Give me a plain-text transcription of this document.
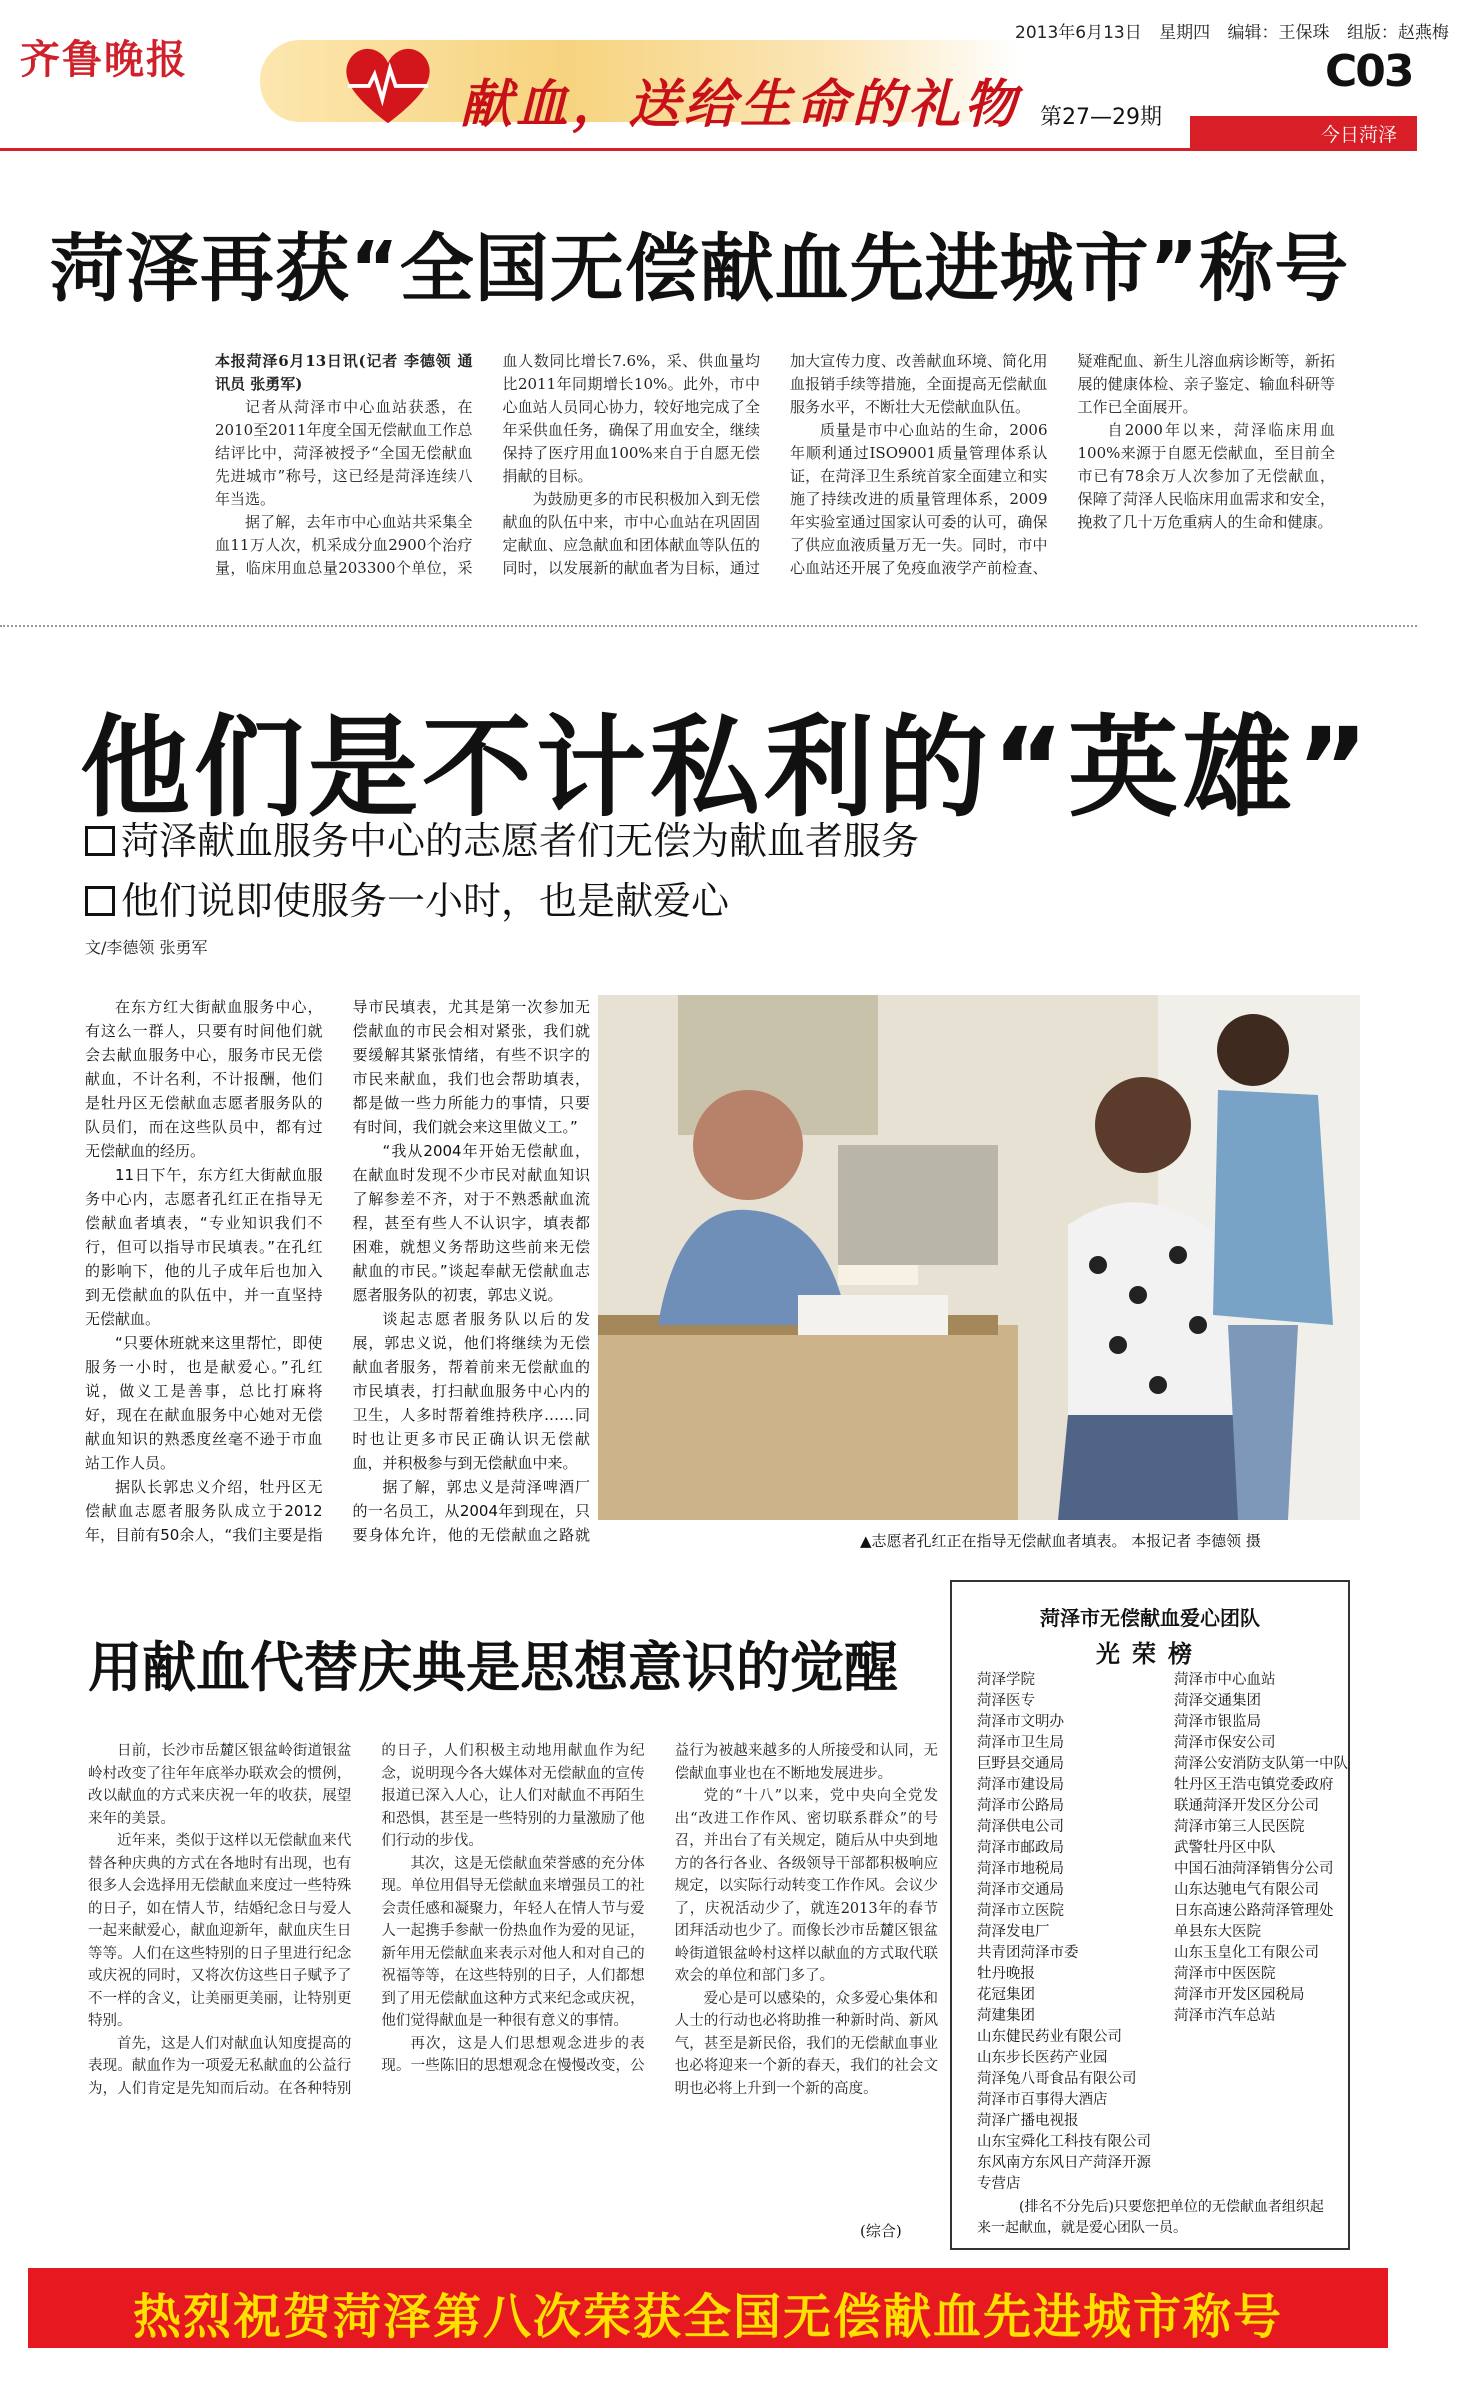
齐鲁晚报
献血，送给生命的礼物
2013年6月13日 星期四 编辑：王保珠 组版：赵燕梅
C03
第27—29期
今日菏泽
菏泽再获“全国无偿献血先进城市”称号

本报菏泽6月13日讯(记者 李德领 通讯员 张勇军)

记者从菏泽市中心血站获悉，在2010至2011年度全国无偿献血工作总结评比中，菏泽被授予“全国无偿献血先进城市”称号，这已经是菏泽连续八年当选。

据了解，去年市中心血站共采集全血11万人次，机采成分血2900个治疗量，临床用血总量203300个单位，采血人数同比增长7.6%，采、供血量均比2011年同期增长10%。此外，市中心血站人员同心协力，较好地完成了全年采供血任务，确保了用血安全，继续保持了医疗用血100%来自于自愿无偿捐献的目标。

为鼓励更多的市民积极加入到无偿献血的队伍中来，市中心血站在巩固固定献血、应急献血和团体献血等队伍的同时，以发展新的献血者为目标，通过加大宣传力度、改善献血环境、简化用血报销手续等措施，全面提高无偿献血服务水平，不断壮大无偿献血队伍。

质量是市中心血站的生命，2006年顺利通过ISO9001质量管理体系认证，在菏泽卫生系统首家全面建立和实施了持续改进的质量管理体系，2009年实验室通过国家认可委的认可，确保了供应血液质量万无一失。同时，市中心血站还开展了免疫血液学产前检查、疑难配血、新生儿溶血病诊断等，新拓展的健康体检、亲子鉴定、输血科研等工作已全面展开。

自2000年以来，菏泽临床用血100%来源于自愿无偿献血，至目前全市已有78余万人次参加了无偿献血，保障了菏泽人民临床用血需求和安全，挽救了几十万危重病人的生命和健康。

他们是不计私利的“英雄”
菏泽献血服务中心的志愿者们无偿为献血者服务
他们说即使服务一小时，也是献爱心
文/李德领 张勇军

在东方红大街献血服务中心，有这么一群人，只要有时间他们就会去献血服务中心，服务市民无偿献血，不计名利，不计报酬，他们是牡丹区无偿献血志愿者服务队的队员们，而在这些队员中，都有过无偿献血的经历。

11日下午，东方红大街献血服务中心内，志愿者孔红正在指导无偿献血者填表，“专业知识我们不行，但可以指导市民填表。”在孔红的影响下，他的儿子成年后也加入到无偿献血的队伍中，并一直坚持无偿献血。

“只要休班就来这里帮忙，即使服务一小时，也是献爱心。”孔红说，做义工是善事，总比打麻将好，现在在献血服务中心她对无偿献血知识的熟悉度丝毫不逊于市血站工作人员。

据队长郭忠义介绍，牡丹区无偿献血志愿者服务队成立于2012年，目前有50余人，“我们主要是指导市民填表，尤其是第一次参加无偿献血的市民会相对紧张，我们就要缓解其紧张情绪，有些不识字的市民来献血，我们也会帮助填表，都是做一些力所能力的事情，只要有时间，我们就会来这里做义工。”

“我从2004年开始无偿献血，在献血时发现不少市民对献血知识了解参差不齐，对于不熟悉献血流程，甚至有些人不认识字，填表都困难，就想义务帮助这些前来无偿献血的市民。”谈起奉献无偿献血志愿者服务队的初衷，郭忠义说。

谈起志愿者服务队以后的发展，郭忠义说，他们将继续为无偿献血者服务，帮着前来无偿献血的市民填表，打扫献血服务中心内的卫生，人多时帮着维持秩序……同时也让更多市民正确认识无偿献血，并积极参与到无偿献血中来。

据了解，郭忠义是菏泽啤酒厂的一名员工，从2004年到现在，只要身体允许，他的无偿献血之路就	▲志愿者孔红正在指导无偿献血者填表。 本报记者 李德领 摄
用献血代替庆典是思想意识的觉醒

日前，长沙市岳麓区银盆岭街道银盆岭村改变了往年年底举办联欢会的惯例，改以献血的方式来庆祝一年的收获，展望来年的美景。

近年来，类似于这样以无偿献血来代替各种庆典的方式在各地时有出现，也有很多人会选择用无偿献血来度过一些特殊的日子，如在情人节，结婚纪念日与爱人一起来献爱心，献血迎新年，献血庆生日等等。人们在这些特别的日子里进行纪念或庆祝的同时，又将次仿这些日子赋予了不一样的含义，让美丽更美丽，让特别更特别。

首先，这是人们对献血认知度提高的表现。献血作为一项爱无私献血的公益行为，人们肯定是先知而后动。在各种特别的日子，人们积极主动地用献血作为纪念，说明现今各大媒体对无偿献血的宣传报道已深入人心，让人们对献血不再陌生和恐惧，甚至是一些特别的力量激励了他们行动的步伐。

其次，这是无偿献血荣誉感的充分体现。单位用倡导无偿献血来增强员工的社会责任感和凝聚力，年轻人在情人节与爱人一起携手参献一份热血作为爱的见证，新年用无偿献血来表示对他人和对自己的祝福等等，在这些特别的日子，人们都想到了用无偿献血这种方式来纪念或庆祝，他们觉得献血是一种很有意义的事情。

再次，这是人们思想观念进步的表现。一些陈旧的思想观念在慢慢改变，公益行为被越来越多的人所接受和认同，无偿献血事业也在不断地发展进步。

党的“十八”以来，党中央向全党发出“改进工作作风、密切联系群众”的号召，并出台了有关规定，随后从中央到地方的各行各业、各级领导干部都积极响应规定，以实际行动转变工作作风。会议少了，庆祝活动少了，就连2013年的春节团拜活动也少了。而像长沙市岳麓区银盆岭街道银盆岭村这样以献血的方式取代联欢会的单位和部门多了。

爱心是可以感染的，众多爱心集体和人士的行动也必将助推一种新时尚、新风气，甚至是新民俗，我们的无偿献血事业也必将迎来一个新的春天，我们的社会文明也必将上升到一个新的高度。

(综合)
菏泽市无偿献血爱心团队
光荣榜
菏泽学院
菏泽医专
菏泽市文明办
菏泽市卫生局
巨野县交通局
菏泽市建设局
菏泽市公路局
菏泽供电公司
菏泽市邮政局
菏泽市地税局
菏泽市交通局
菏泽市立医院
菏泽发电厂
共青团菏泽市委
牡丹晚报
花冠集团
菏建集团
山东健民药业有限公司
山东步长医药产业园
菏泽兔八哥食品有限公司
菏泽市百事得大酒店
菏泽广播电视报
山东宝舜化工科技有限公司
东风南方东风日产菏泽开源专营店
菏泽市中心血站
菏泽交通集团
菏泽市银监局
菏泽市保安公司
菏泽公安消防支队第一中队
牡丹区王浩屯镇党委政府
联通菏泽开发区分公司
菏泽市第三人民医院
武警牡丹区中队
中国石油菏泽销售分公司
山东达驰电气有限公司
日东高速公路菏泽管理处
单县东大医院
山东玉皇化工有限公司
菏泽市中医医院
菏泽市开发区园税局
菏泽市汽车总站

(排名不分先后)只要您把单位的无偿献血者组织起来一起献血，就是爱心团队一员。

热烈祝贺菏泽第八次荣获全国无偿献血先进城市称号
